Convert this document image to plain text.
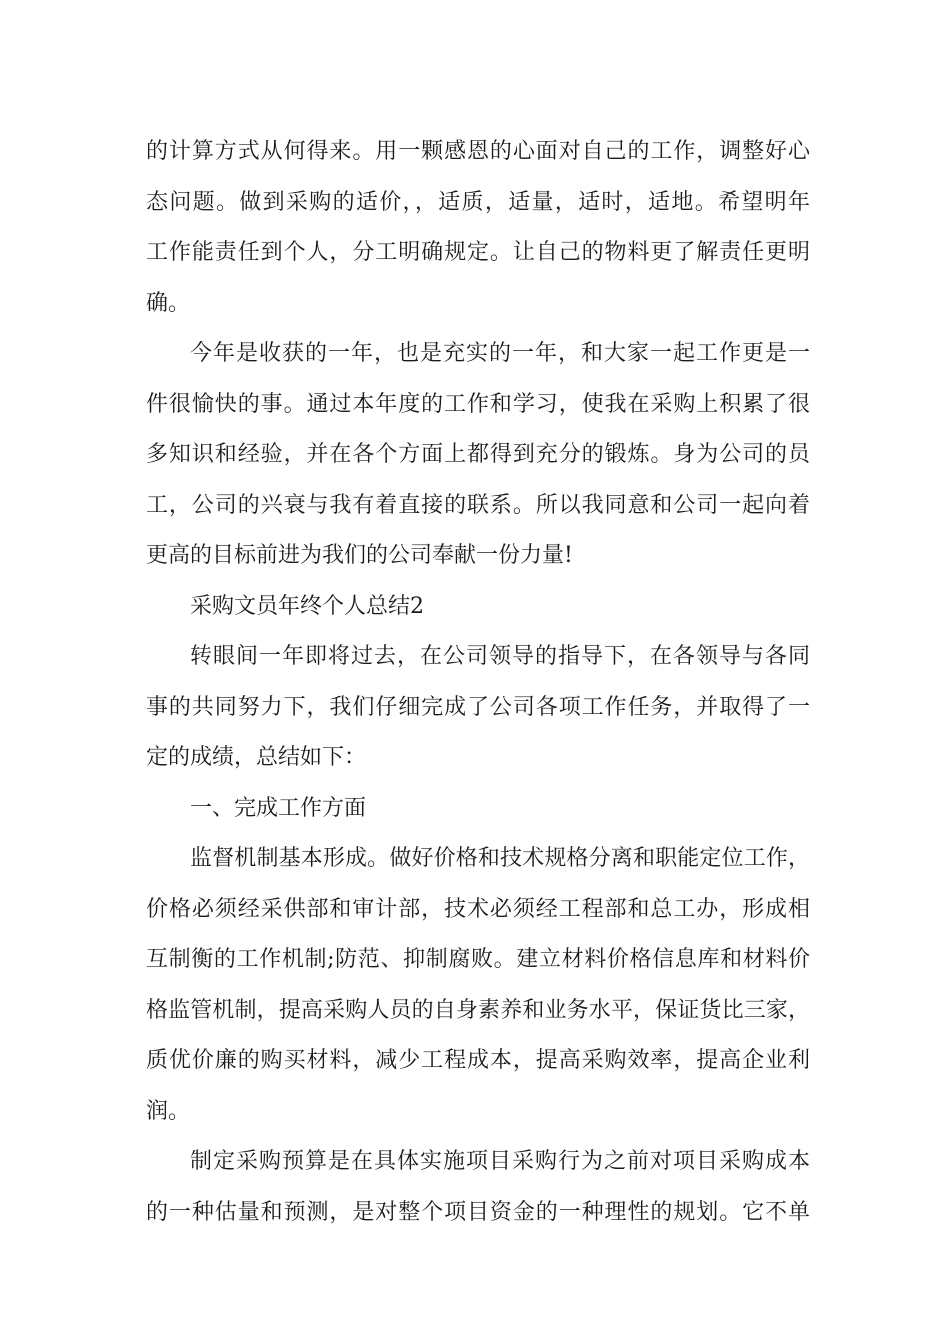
的计算方式从何得来。用一颗感恩的心面对自己的工作，调整好心
态问题。做到采购的适价，，适质，适量，适时，适地。希望明年
工作能责任到个人，分工明确规定。让自己的物料更了解责任更明
确。
今年是收获的一年，也是充实的一年，和大家一起工作更是一
件很愉快的事。通过本年度的工作和学习，使我在采购上积累了很
多知识和经验，并在各个方面上都得到充分的锻炼。身为公司的员
工，公司的兴衰与我有着直接的联系。所以我同意和公司一起向着
更高的目标前进为我们的公司奉献一份力量!
采购文员年终个人总结2
转眼间一年即将过去，在公司领导的指导下，在各领导与各同
事的共同努力下，我们仔细完成了公司各项工作任务，并取得了一
定的成绩，总结如下：
一、完成工作方面
监督机制基本形成。做好价格和技术规格分离和职能定位工作，
价格必须经采供部和审计部，技术必须经工程部和总工办，形成相
互制衡的工作机制;防范、抑制腐败。建立材料价格信息库和材料价
格监管机制，提高采购人员的自身素养和业务水平，保证货比三家，
质优价廉的购买材料，减少工程成本，提高采购效率，提高企业利
润。
制定采购预算是在具体实施项目采购行为之前对项目采购成本
的一种估量和预测，是对整个项目资金的一种理性的规划。它不单
